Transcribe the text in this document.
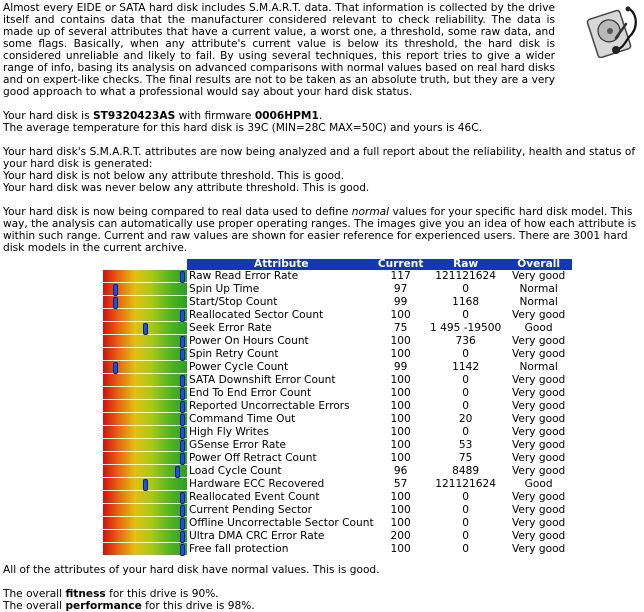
Almost every EIDE or SATA hard disk includes S.M.A.R.T. data. That information is collected by the drive itself and contains data that the manufacturer considered relevant to check reliability. The data is made up of several attributes that have a current value, a worst one, a threshold, some raw data, and some flags. Basically, when any attribute's current value is below its threshold, the hard disk is considered unreliable and likely to fail. By using several techniques, this report tries to give a wider range of info, basing its analysis on advanced comparisons with normal values based on real hard disks and on expert-like checks. The final results are not to be taken as an absolute truth, but they are a very good approach to what a professional would say about your hard disk status.

Your hard disk is ST9320423AS with firmware 0006HPM1.

The average temperature for this hard disk is 39C (MIN=28C MAX=50C) and yours is 46C.

Your hard disk's S.M.A.R.T. attributes are now being analyzed and a full report about the reliability, health and status of your hard disk is generated:

Your hard disk is not below any attribute threshold. This is good.

Your hard disk was never below any attribute threshold. This is good.

Your hard disk is now being compared to real data used to define normal values for your specific hard disk model. This way, the analysis can automatically use proper operating ranges. The images give you an idea of how each attribute is within such range. Current and raw values are shown for easier reference for experienced users. There are 3001 hard disk models in the current archive.

	Attribute	Current	Raw	Overall

	Raw Read Error Rate	117	121121624	Very good

	Spin Up Time	97	0	Normal

	Start/Stop Count	99	1168	Normal

	Reallocated Sector Count	100	0	Very good

	Seek Error Rate	75	1 495 -19500	Good

	Power On Hours Count	100	736	Very good

	Spin Retry Count	100	0	Very good

	Power Cycle Count	99	1142	Normal

	SATA Downshift Error Count	100	0	Very good

	End To End Error Count	100	0	Very good

	Reported Uncorrectable Errors	100	0	Very good

	Command Time Out	100	20	Very good

	High Fly Writes	100	0	Very good

	GSense Error Rate	100	53	Very good

	Power Off Retract Count	100	75	Very good

	Load Cycle Count	96	8489	Very good

	Hardware ECC Recovered	57	121121624	Good

	Reallocated Event Count	100	0	Very good

	Current Pending Sector	100	0	Very good

	Offline Uncorrectable Sector Count	100	0	Very good

	Ultra DMA CRC Error Rate	200	0	Very good

	Free fall protection	100	0	Very good

All of the attributes of your hard disk have normal values. This is good.

The overall fitness for this drive is 90%.

The overall performance for this drive is 98%.
